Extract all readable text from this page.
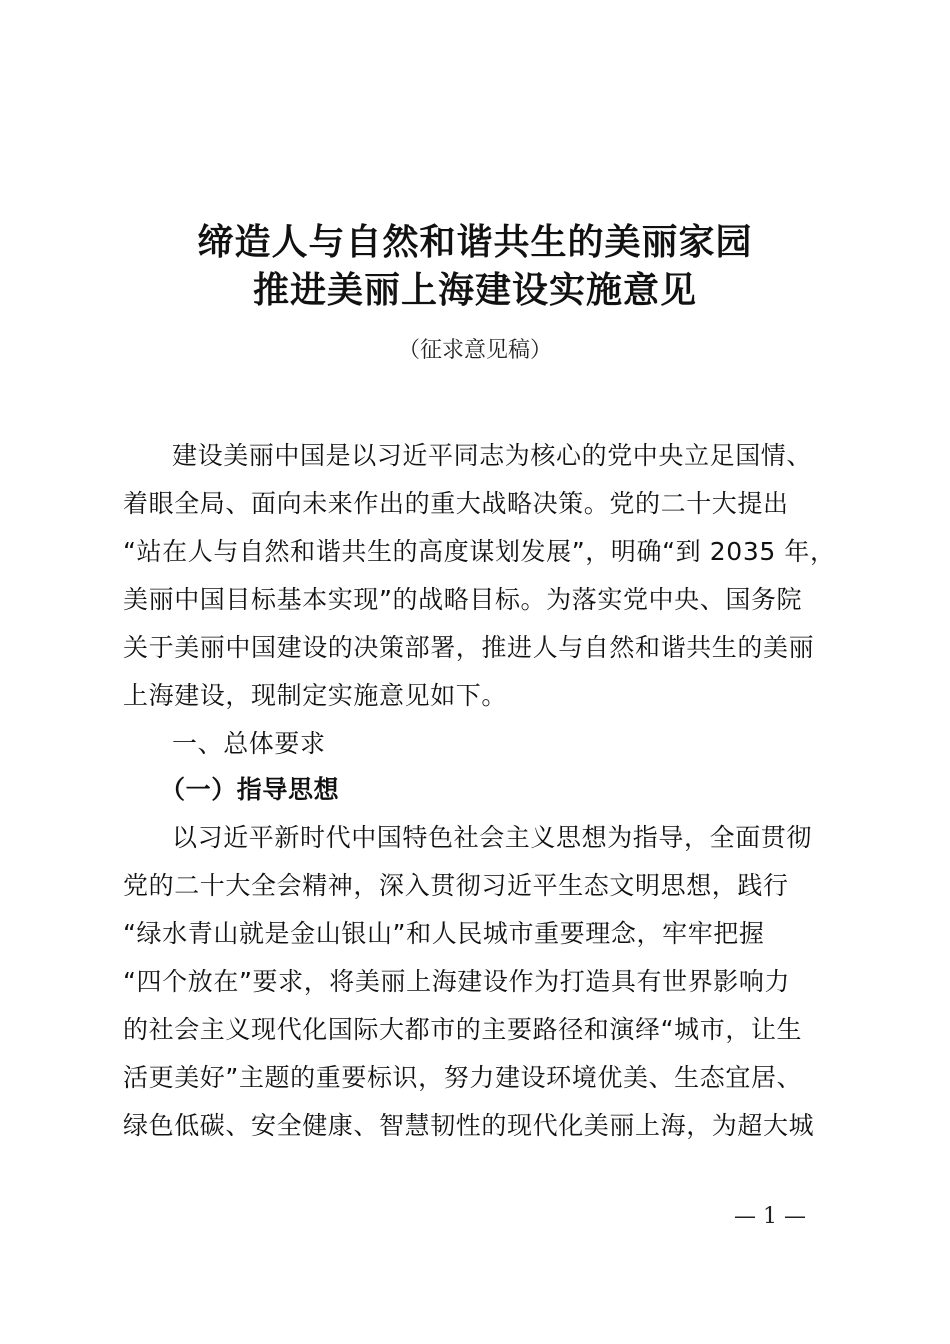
缔造人与自然和谐共生的美丽家园
推进美丽上海建设实施意见
（征求意见稿）
建设美丽中国是以习近平同志为核心的党中央立足国情、
着眼全局、面向未来作出的重大战略决策。党的二十大提出
“站在人与自然和谐共生的高度谋划发展”，明确“到 2035 年，
美丽中国目标基本实现”的战略目标。为落实党中央、国务院
关于美丽中国建设的决策部署，推进人与自然和谐共生的美丽
上海建设，现制定实施意见如下。
一、总体要求
（一）指导思想
以习近平新时代中国特色社会主义思想为指导，全面贯彻
党的二十大全会精神，深入贯彻习近平生态文明思想，践行
“绿水青山就是金山银山”和人民城市重要理念，牢牢把握
“四个放在”要求，将美丽上海建设作为打造具有世界影响力
的社会主义现代化国际大都市的主要路径和演绎“城市，让生
活更美好”主题的重要标识，努力建设环境优美、生态宜居、
绿色低碳、安全健康、智慧韧性的现代化美丽上海，为超大城
— 1 —
